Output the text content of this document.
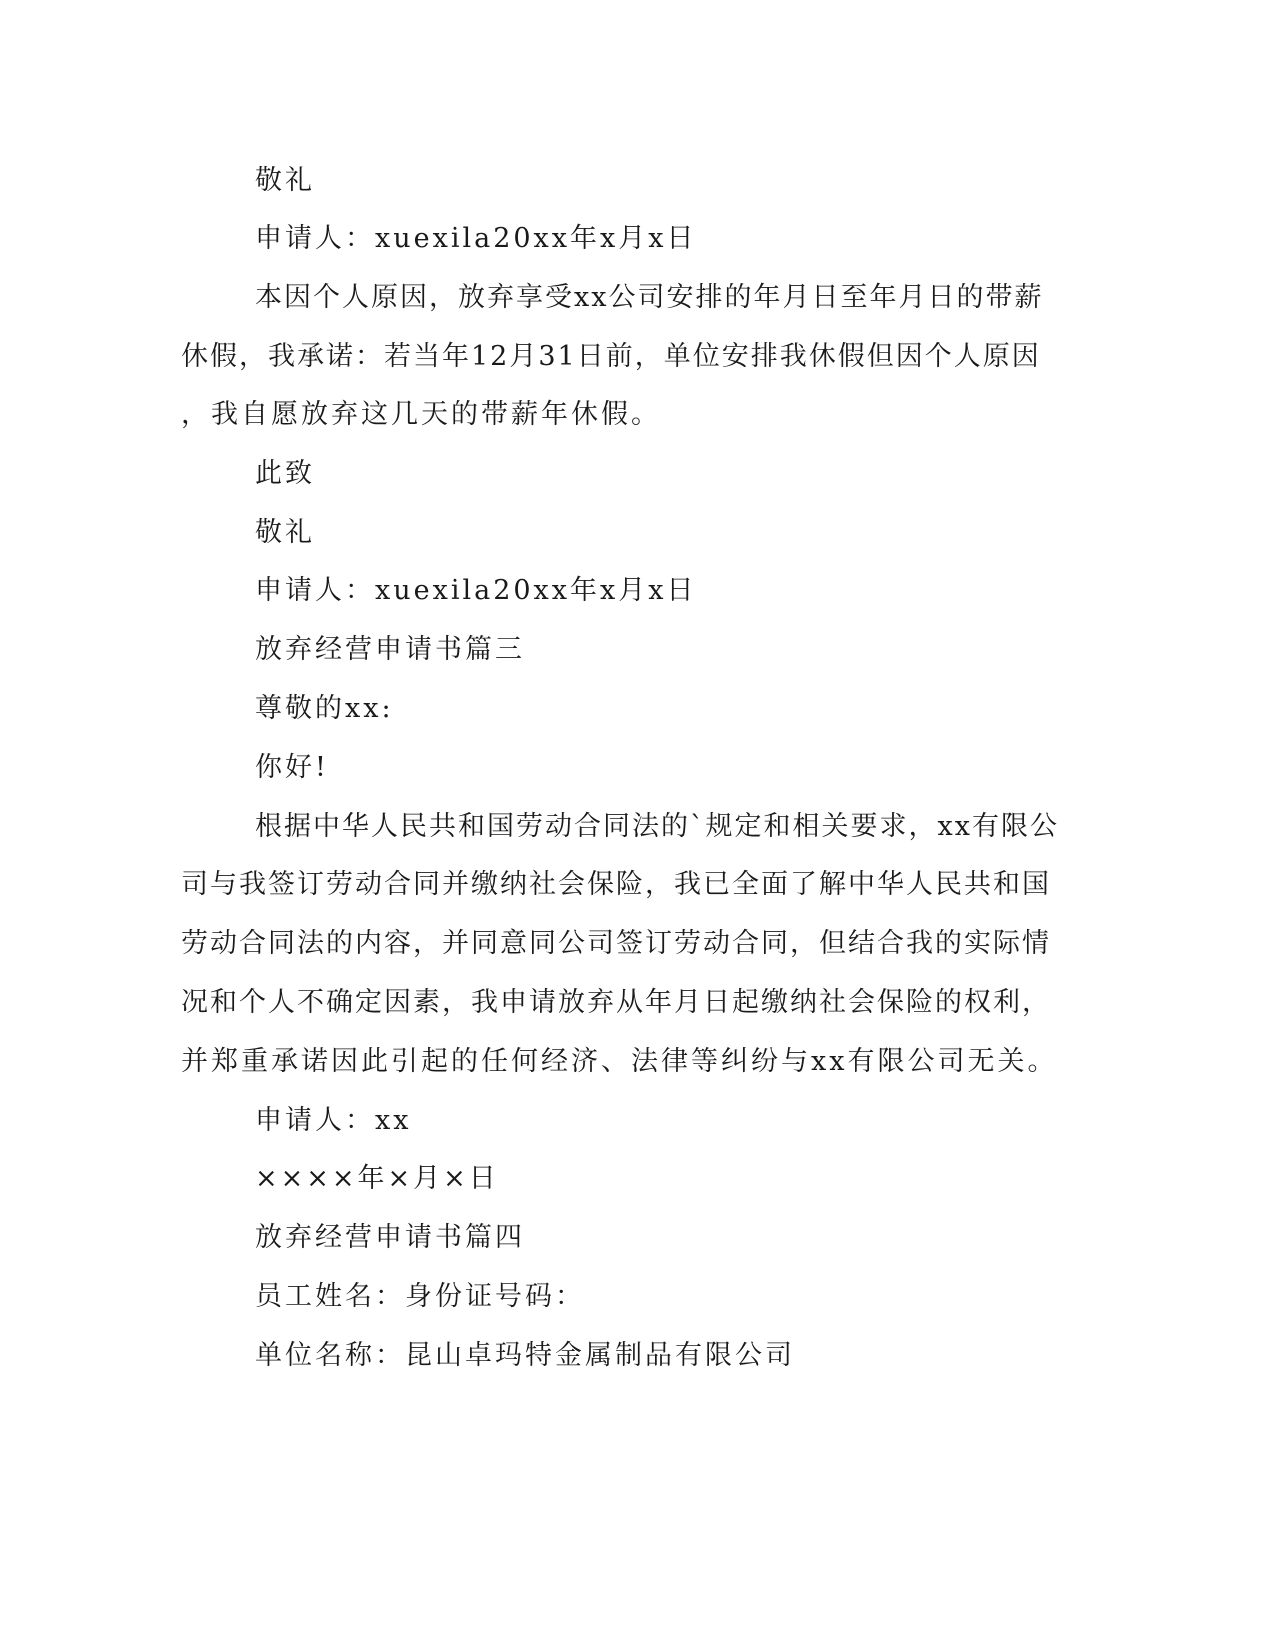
敬礼

申请人：xuexila20xx年x月x日

本因个人原因，放弃享受xx公司安排的年月日至年月日的带薪

休假，我承诺：若当年12月31日前，单位安排我休假但因个人原因

，我自愿放弃这几天的带薪年休假。

此致

敬礼

申请人：xuexila20xx年x月x日

放弃经营申请书篇三

尊敬的xx:

你好!

根据中华人民共和国劳动合同法的`规定和相关要求，xx有限公

司与我签订劳动合同并缴纳社会保险，我已全面了解中华人民共和国

劳动合同法的内容，并同意同公司签订劳动合同，但结合我的实际情

况和个人不确定因素，我申请放弃从年月日起缴纳社会保险的权利，

并郑重承诺因此引起的任何经济、法律等纠纷与xx有限公司无关。

申请人：xx

××××年×月×日

放弃经营申请书篇四

员工姓名：身份证号码：

单位名称：昆山卓玛特金属制品有限公司
